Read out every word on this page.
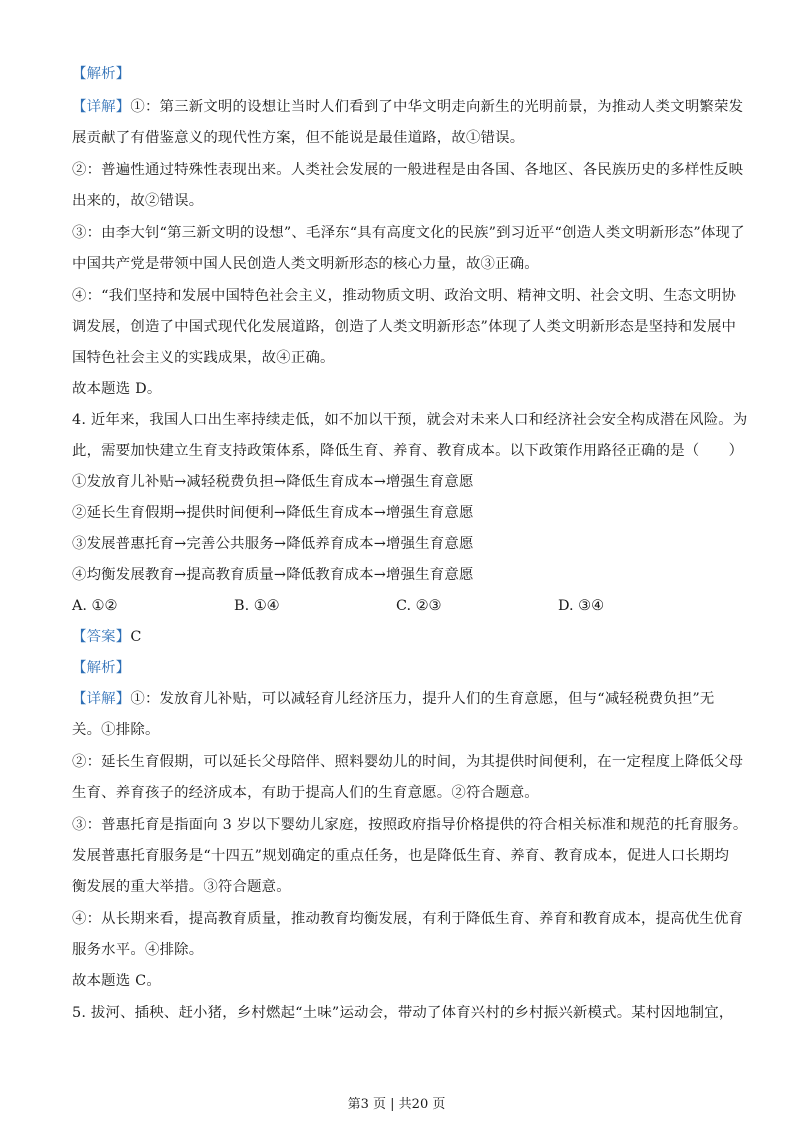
【解析】
【详解】①：第三新文明的设想让当时人们看到了中华文明走向新生的光明前景，为推动人类文明繁荣发
展贡献了有借鉴意义的现代性方案，但不能说是最佳道路，故①错误。
②：普遍性通过特殊性表现出来。人类社会发展的一般进程是由各国、各地区、各民族历史的多样性反映
出来的，故②错误。
③：由李大钊“第三新文明的设想”、毛泽东“具有高度文化的民族”到习近平“创造人类文明新形态”体现了
中国共产党是带领中国人民创造人类文明新形态的核心力量，故③正确。
④：“我们坚持和发展中国特色社会主义，推动物质文明、政治文明、精神文明、社会文明、生态文明协
调发展，创造了中国式现代化发展道路，创造了人类文明新形态”体现了人类文明新形态是坚持和发展中
国特色社会主义的实践成果，故④正确。
故本题选 D。
4. 近年来，我国人口出生率持续走低，如不加以干预，就会对未来人口和经济社会安全构成潜在风险。为
此，需要加快建立生育支持政策体系，降低生育、养育、教育成本。以下政策作用路径正确的是（　　）
①发放育儿补贴→减轻税费负担→降低生育成本→增强生育意愿
②延长生育假期→提供时间便利→降低生育成本→增强生育意愿
③发展普惠托育→完善公共服务→降低养育成本→增强生育意愿
④均衡发展教育→提高教育质量→降低教育成本→增强生育意愿
A. ①②	B. ①④	C. ②③	D. ③④
【答案】C
【解析】
【详解】①：发放育儿补贴，可以减轻育儿经济压力，提升人们的生育意愿，但与“减轻税费负担”无
关。①排除。
②：延长生育假期，可以延长父母陪伴、照料婴幼儿的时间，为其提供时间便利，在一定程度上降低父母
生育、养育孩子的经济成本，有助于提高人们的生育意愿。②符合题意。
③：普惠托育是指面向 3 岁以下婴幼儿家庭，按照政府指导价格提供的符合相关标准和规范的托育服务。
发展普惠托育服务是“十四五”规划确定的重点任务，也是降低生育、养育、教育成本，促进人口长期均
衡发展的重大举措。③符合题意。
④：从长期来看，提高教育质量，推动教育均衡发展，有利于降低生育、养育和教育成本，提高优生优育
服务水平。④排除。
故本题选 C。
5. 拔河、插秧、赶小猪，乡村燃起“土味”运动会，带动了体育兴村的乡村振兴新模式。某村因地制宜，
第3 页 | 共20 页
